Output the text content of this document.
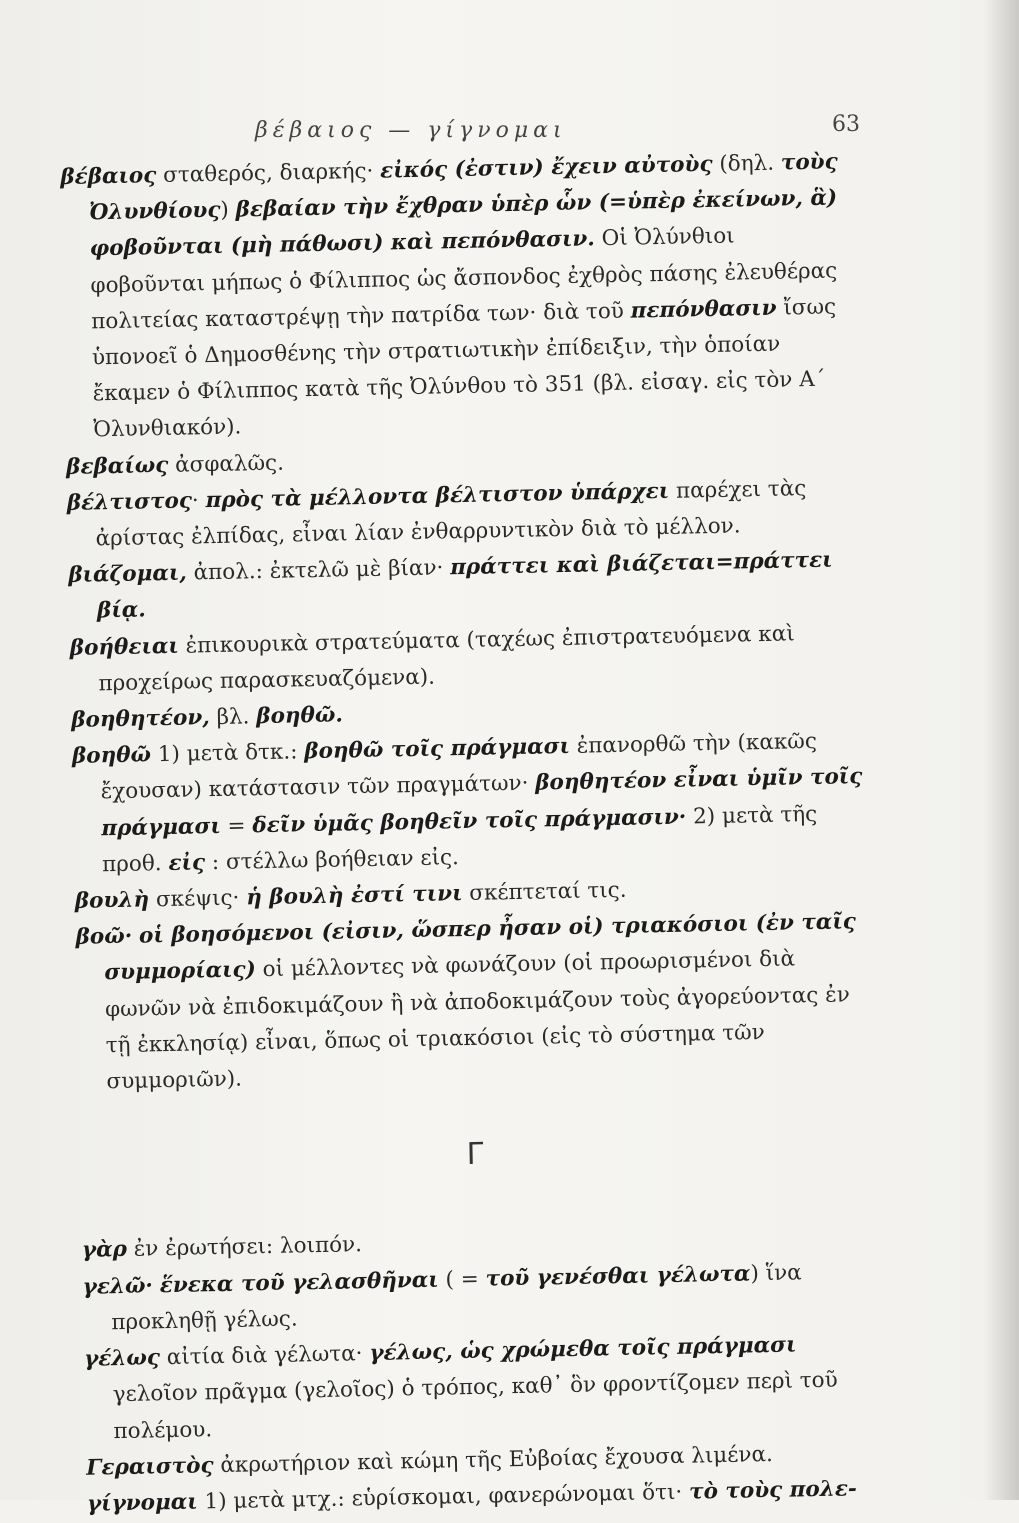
βέβαιος — γίγνομαι	63

βέβαιος σταθερός, διαρκής· εἰκός (ἐστιν) ἔχειν αὐτοὺς (δηλ. τοὺς Ὀλυνθίους) βεβαίαν τὴν ἔχθραν ὑπὲρ ὧν (=ὑπὲρ ἐκείνων, ἃ) φοβοῦνται (μὴ πάθωσι) καὶ πεπόνθασιν. Οἱ Ὀλύνθιοι φοβοῦνται μήπως ὁ Φίλιππος ὡς ἄσπονδος ἐχθρὸς πάσης ἐλευθέρας πολιτείας καταστρέψῃ τὴν πατρίδα των· διὰ τοῦ πεπόνθασιν ἴσως ὑπονοεῖ ὁ Δημοσθένης τὴν στρατιωτικὴν ἐπίδειξιν, τὴν ὁποίαν ἔκαμεν ὁ Φίλιππος κατὰ τῆς Ὀλύνθου τὸ 351 (βλ. εἰσαγ. εἰς τὸν Α´ Ὀλυνθιακόν).

βεβαίως ἀσφαλῶς.

βέλτιστος· πρὸς τὰ μέλλοντα βέλτιστον ὑπάρχει παρέχει τὰς ἀρίστας ἐλπίδας, εἶναι λίαν ἐνθαρρυντικὸν διὰ τὸ μέλλον.

βιάζομαι, ἀπολ.: ἐκτελῶ μὲ βίαν· πράττει καὶ βιάζεται=πράττει βίᾳ.

βοήθειαι ἐπικουρικὰ στρατεύματα (ταχέως ἐπιστρατευόμενα καὶ προχείρως παρασκευαζόμενα).

βοηθητέον, βλ. βοηθῶ.

βοηθῶ 1) μετὰ δτκ.: βοηθῶ τοῖς πράγμασι ἐπανορθῶ τὴν (κακῶς ἔχουσαν) κατάστασιν τῶν πραγμάτων· βοηθητέον εἶναι ὑμῖν τοῖς πράγμασι = δεῖν ὑμᾶς βοηθεῖν τοῖς πράγμασιν· 2) μετὰ τῆς προθ. εἰς : στέλλω βοήθειαν εἰς.

βουλὴ σκέψις· ἡ βουλὴ ἐστί τινι σκέπτεταί τις.

βοῶ· οἱ βοησόμενοι (εἰσιν, ὥσπερ ἦσαν οἱ) τριακόσιοι (ἐν ταῖς συμμορίαις) οἱ μέλλοντες νὰ φωνάζουν (οἱ προωρισμένοι διὰ φωνῶν νὰ ἐπιδοκιμάζουν ἢ νὰ ἀποδοκιμάζουν τοὺς ἀγορεύοντας ἐν τῇ ἐκκλησίᾳ) εἶναι, ὅπως οἱ τριακόσιοι (εἰς τὸ σύστημα τῶν συμμοριῶν).

Γ

γὰρ ἐν ἐρωτήσει: λοιπόν.

γελῶ· ἕνεκα τοῦ γελασθῆναι ( = τοῦ γενέσθαι γέλωτα) ἵνα προκληθῇ γέλως.

γέλως αἰτία διὰ γέλωτα· γέλως, ὡς χρώμεθα τοῖς πράγμασι γελοῖον πρᾶγμα (γελοῖος) ὁ τρόπος, καθ᾽ ὃν φροντίζομεν περὶ τοῦ πολέμου.

Γεραιστὸς ἀκρωτήριον καὶ κώμη τῆς Εὐβοίας ἔχουσα λιμένα.

γίγνομαι 1) μετὰ μτχ.: εὑρίσκομαι, φανερώνομαι ὅτι· τὸ τοὺς πολε-
